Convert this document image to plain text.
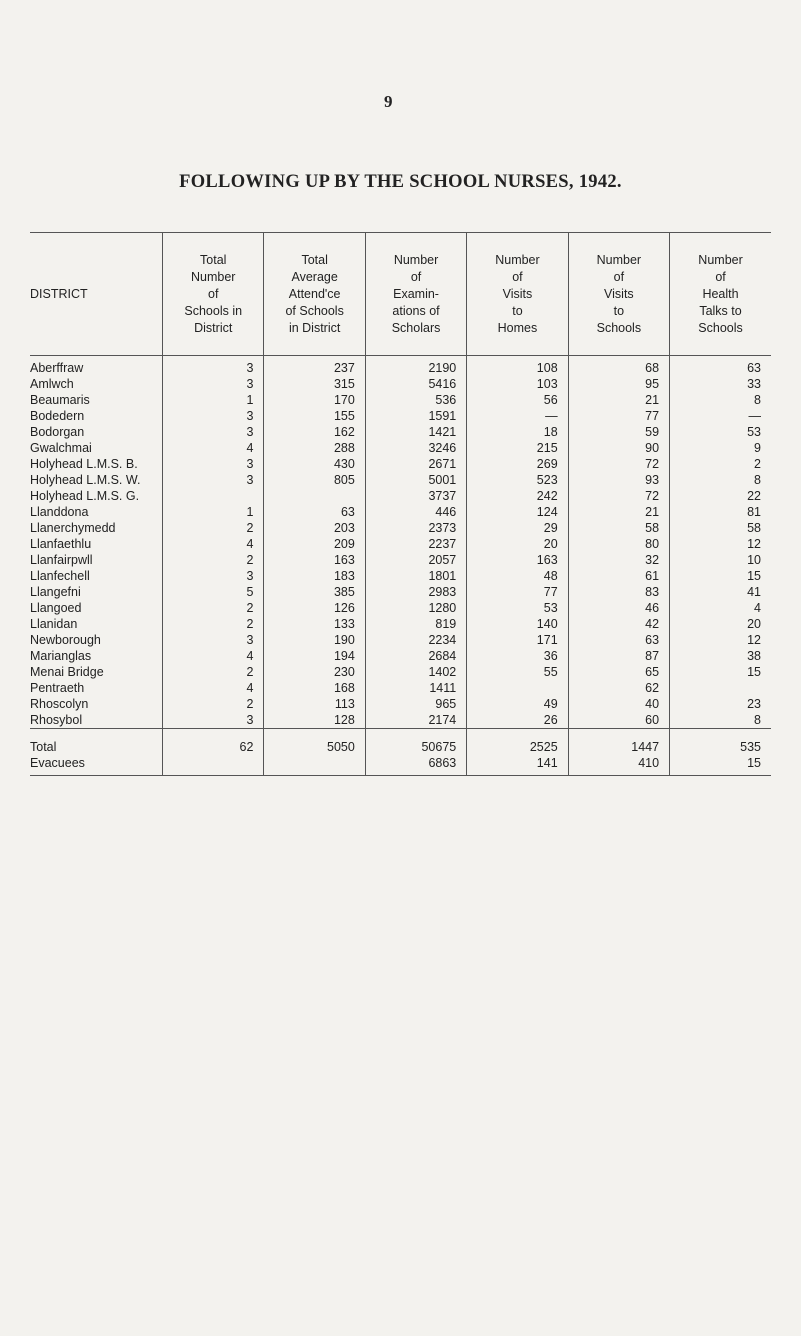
9
FOLLOWING UP BY THE SCHOOL NURSES, 1942.
DISTRICT	Total
Number
of
Schools in
District	Total
Average
Attend'ce
of Schools
in District	Number
of
Examin-
ations of
Scholars	Number
of
Visits
to
Homes	Number
of
Visits
to
Schools	Number
of
Health
Talks to
Schools
Aberffraw	3	237	2190	108	68	63
Amlwch	3	315	5416	103	95	33
Beaumaris	1	170	536	56	21	8
Bodedern	3	155	1591	—	77	—
Bodorgan	3	162	1421	18	59	53
Gwalchmai	4	288	3246	215	90	9
Holyhead L.M.S. B.	3	430	2671	269	72	2
Holyhead L.M.S. W.	3	805	5001	523	93	8
Holyhead L.M.S. G.			3737	242	72	22
Llanddona	1	63	446	124	21	81
Llanerchymedd	2	203	2373	29	58	58
Llanfaethlu	4	209	2237	20	80	12
Llanfairpwll	2	163	2057	163	32	10
Llanfechell	3	183	1801	48	61	15
Llangefni	5	385	2983	77	83	41
Llangoed	2	126	1280	53	46	4
Llanidan	2	133	819	140	42	20
Newborough	3	190	2234	171	63	12
Marianglas	4	194	2684	36	87	38
Menai Bridge	2	230	1402	55	65	15
Pentraeth	4	168	1411		62	
Rhoscolyn	2	113	965	49	40	23
Rhosybol	3	128	2174	26	60	8
Total	62	5050	50675	2525	1447	535
Evacuees			6863	141	410	15
